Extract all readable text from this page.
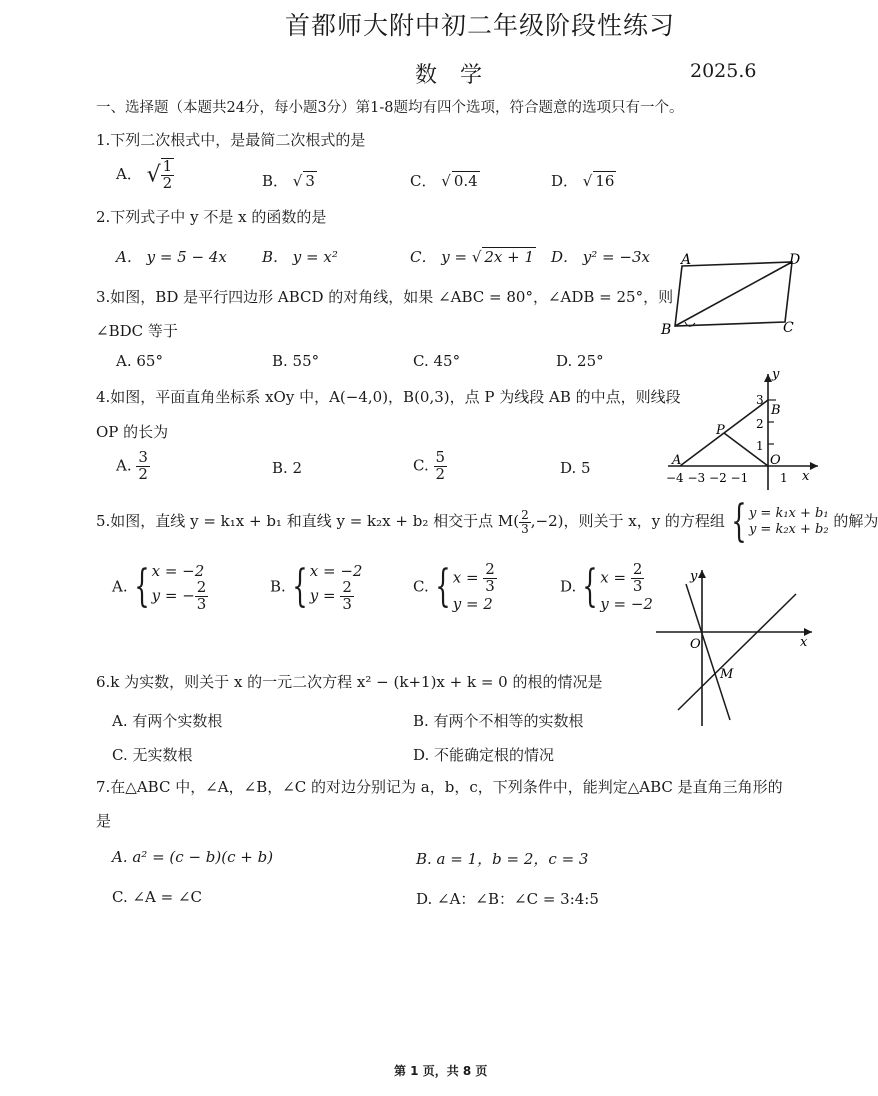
首都师大附中初二年级阶段性练习
数 学	2025.6
一、选择题（本题共24分，每小题3分）第1-8题均有四个选项，符合题意的选项只有一个。
1.下列二次根式中，是最简二次根式的是
A． √ $\frac{1}{2}$	B． √ 3	C． √ 0.4	D． √ 16
2.下列式子中 y 不是 x 的函数的是
A． y = 5 − 4x B． y = x²	C． y = √ 2x + 1 D． y² = −3x A	D
B	C
3.如图，BD 是平行四边形 ABCD 的对角线，如果 ∠ABC = 80°，∠ADB = 25°，则
∠BDC 等于
A. 65°	B. 55°	C. 45°	D. 25°
y
x
3
2
1
B
P
O
A
−4 −3 −2 −1	1
4.如图，平面直角坐标系 xOy 中，A(−4,0)，B(0,3)，点 P 为线段 AB 的中点，则线段
OP 的长为
A. $\frac{3}{2}$	B. 2	C. $\frac{5}{2}$	D. 5
5.如图，直线 y = k₁x + b₁ 和直线 y = k₂x + b₂ 相交于点 $M( \frac{2}{3} ,-2)$，则关于 x，y 的方程组 { y = k₁x + b₁
y = k₂x + b₂ 的解为
A. { x = −2
y = − $\frac{2}{3}$	B. { x = −2
$y = \frac{2}{3}$	C. { $x = \frac{2}{3}$
y = 2
D. { $x = \frac{2}{3}$
y = −2
y
x
O
M
6.k 为实数，则关于 x 的一元二次方程 x² − (k+1)x + k = 0 的根的情况是
A. 有两个实数根	B. 有两个不相等的实数根
C. 无实数根	D. 不能确定根的情况
7.在△ABC 中，∠A，∠B，∠C 的对边分别记为 a，b，c，下列条件中，能判定△ABC 是直角三角形的
是
A. a² = (c − b)(c + b)	B. a = 1，b = 2，c = 3
C. ∠A = ∠C	D. ∠A：∠B：∠C = 3:4:5
第 1 页，共 8 页
